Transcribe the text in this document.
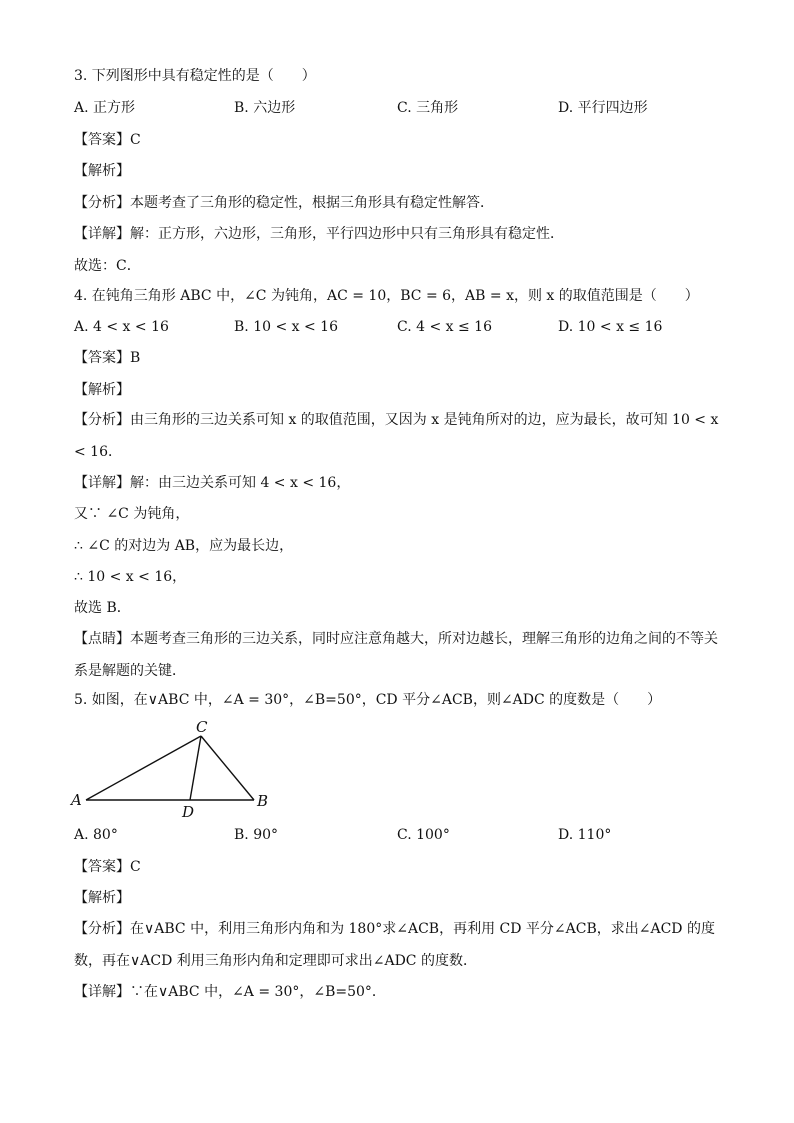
3. 下列图形中具有稳定性的是（　　）
A. 正方形	B. 六边形	C. 三角形	D. 平行四边形
【答案】C
【解析】
【分析】本题考查了三角形的稳定性，根据三角形具有稳定性解答．
【详解】解：正方形，六边形，三角形，平行四边形中只有三角形具有稳定性．
故选：C．
4. 在钝角三角形 ABC 中，∠C 为钝角，AC = 10，BC = 6，AB = x，则 x 的取值范围是（　　）
A. 4 < x < 16	B. 10 < x < 16	C. 4 < x ≤ 16	D. 10 < x ≤ 16
【答案】B
【解析】
【分析】由三角形的三边关系可知 x 的取值范围，又因为 x 是钝角所对的边，应为最长，故可知 10 < x < 16．
【详解】解：由三边关系可知 4 < x < 16，
又∵ ∠C 为钝角，
∴ ∠C 的对边为 AB，应为最长边，
∴ 10 < x < 16，
故选 B．
【点睛】本题考查三角形的三边关系，同时应注意角越大，所对边越长，理解三角形的边角之间的不等关系是解题的关键．
5. 如图，在∨ABC 中，∠A = 30°，∠B=50°，CD 平分∠ACB，则∠ADC 的度数是（　　）
A	B
C
D
A. 80°	B. 90°	C. 100°	D. 110°
【答案】C
【解析】
【分析】在∨ABC 中，利用三角形内角和为 180°求∠ACB，再利用 CD 平分∠ACB，求出∠ACD 的度数，再在∨ACD 利用三角形内角和定理即可求出∠ADC 的度数．
【详解】∵在∨ABC 中，∠A = 30°，∠B=50°．
